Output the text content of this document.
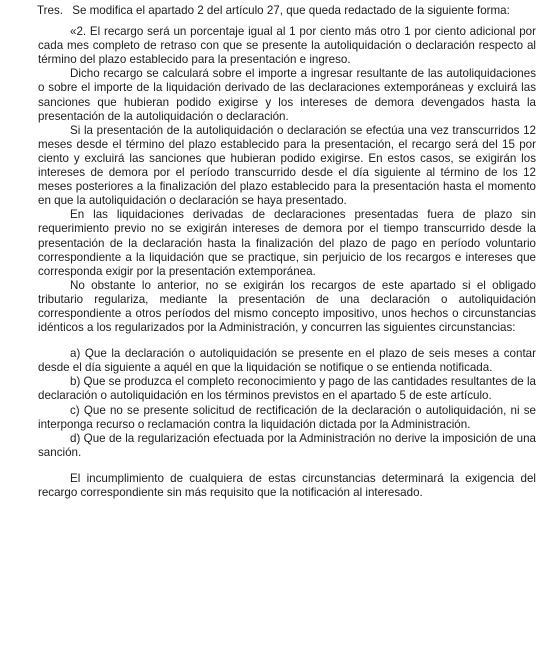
Tres. Se modifica el apartado 2 del artículo 27, que queda redactado de la siguiente forma:

«2. El recargo será un porcentaje igual al 1 por ciento más otro 1 por ciento adicional por cada mes completo de retraso con que se presente la autoliquidación o declaración respecto al término del plazo establecido para la presentación e ingreso.

Dicho recargo se calculará sobre el importe a ingresar resultante de las autoliquidaciones o sobre el importe de la liquidación derivado de las declaraciones extemporáneas y excluirá las sanciones que hubieran podido exigirse y los intereses de demora devengados hasta la presentación de la autoliquidación o declaración.

Si la presentación de la autoliquidación o declaración se efectúa una vez transcurridos 12 meses desde el término del plazo establecido para la presentación, el recargo será del 15 por ciento y excluirá las sanciones que hubieran podido exigirse. En estos casos, se exigirán los intereses de demora por el período transcurrido desde el día siguiente al término de los 12 meses posteriores a la finalización del plazo establecido para la presentación hasta el momento en que la autoliquidación o declaración se haya presentado.

En las liquidaciones derivadas de declaraciones presentadas fuera de plazo sin requerimiento previo no se exigirán intereses de demora por el tiempo transcurrido desde la presentación de la declaración hasta la finalización del plazo de pago en período voluntario correspondiente a la liquidación que se practique, sin perjuicio de los recargos e intereses que corresponda exigir por la presentación extemporánea.

No obstante lo anterior, no se exigirán los recargos de este apartado si el obligado tributario regulariza, mediante la presentación de una declaración o autoliquidación correspondiente a otros períodos del mismo concepto impositivo, unos hechos o circunstancias idénticos a los regularizados por la Administración, y concurren las siguientes circunstancias:

a) Que la declaración o autoliquidación se presente en el plazo de seis meses a contar desde el día siguiente a aquél en que la liquidación se notifique o se entienda notificada.

b) Que se produzca el completo reconocimiento y pago de las cantidades resultantes de la declaración o autoliquidación en los términos previstos en el apartado 5 de este artículo.

c) Que no se presente solicitud de rectificación de la declaración o autoliquidación, ni se interponga recurso o reclamación contra la liquidación dictada por la Administración.

d) Que de la regularización efectuada por la Administración no derive la imposición de una sanción.

El incumplimiento de cualquiera de estas circunstancias determinará la exigencia del recargo correspondiente sin más requisito que la notificación al interesado.
